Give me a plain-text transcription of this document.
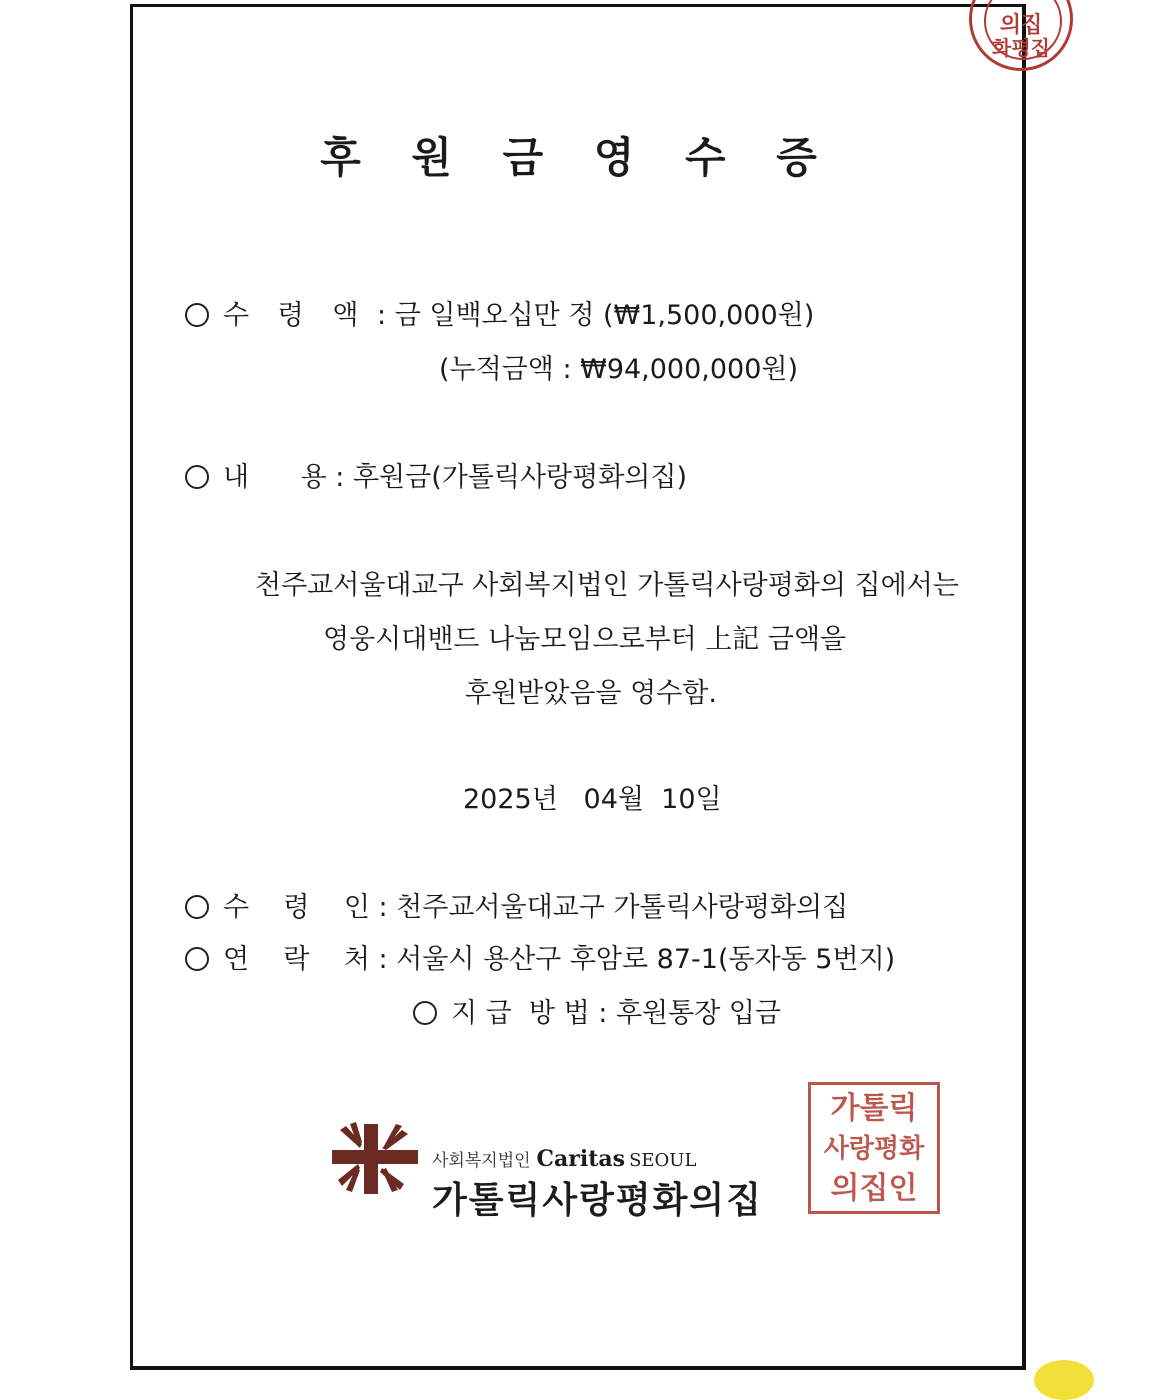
의집
화평집
후 원 금 영 수 증
수 령 액 : 금 일백오십만 정 (₩1,500,000원)
(누적금액 : ₩94,000,000원)
내      용 : 후원금(가톨릭사랑평화의집)
천주교서울대교구 사회복지법인 가톨릭사랑평화의 집에서는
영웅시대밴드 나눔모임으로부터 上記 금액을
후원받았음을 영수함.
2025년   04월  10일
수    령    인 : 천주교서울대교구 가톨릭사랑평화의집
연    락    처 : 서울시 용산구 후암로 87-1(동자동 5번지)
지 급  방 법 : 후원통장 입금
사회복지법인 Caritas SEOUL
가톨릭사랑평화의집
가톨릭
사랑평화
의집인
